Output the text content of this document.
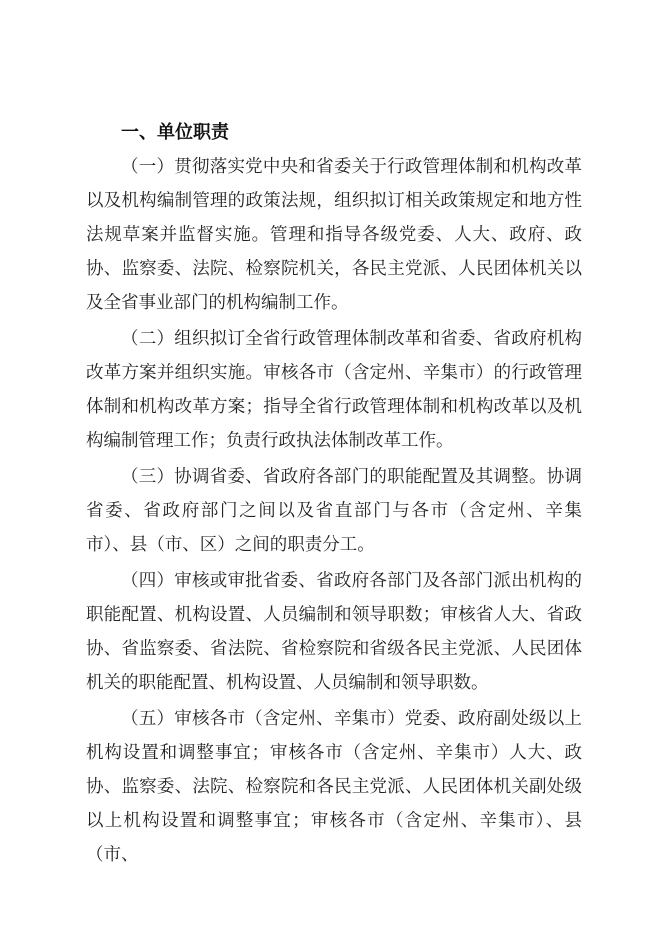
一、单位职责

（一）贯彻落实党中央和省委关于行政管理体制和机构改革以及机构编制管理的政策法规，组织拟订相关政策规定和地方性法规草案并监督实施。管理和指导各级党委、人大、政府、政协、监察委、法院、检察院机关，各民主党派、人民团体机关以及全省事业部门的机构编制工作。

（二）组织拟订全省行政管理体制改革和省委、省政府机构改革方案并组织实施。审核各市（含定州、辛集市）的行政管理体制和机构改革方案；指导全省行政管理体制和机构改革以及机构编制管理工作；负责行政执法体制改革工作。

（三）协调省委、省政府各部门的职能配置及其调整。协调省委、省政府部门之间以及省直部门与各市（含定州、辛集市）、县（市、区）之间的职责分工。

（四）审核或审批省委、省政府各部门及各部门派出机构的职能配置、机构设置、人员编制和领导职数；审核省人大、省政协、省监察委、省法院、省检察院和省级各民主党派、人民团体机关的职能配置、机构设置、人员编制和领导职数。

（五）审核各市（含定州、辛集市）党委、政府副处级以上机构设置和调整事宜；审核各市（含定州、辛集市）人大、政协、监察委、法院、检察院和各民主党派、人民团体机关副处级以上机构设置和调整事宜；审核各市（含定州、辛集市）、县（市、
